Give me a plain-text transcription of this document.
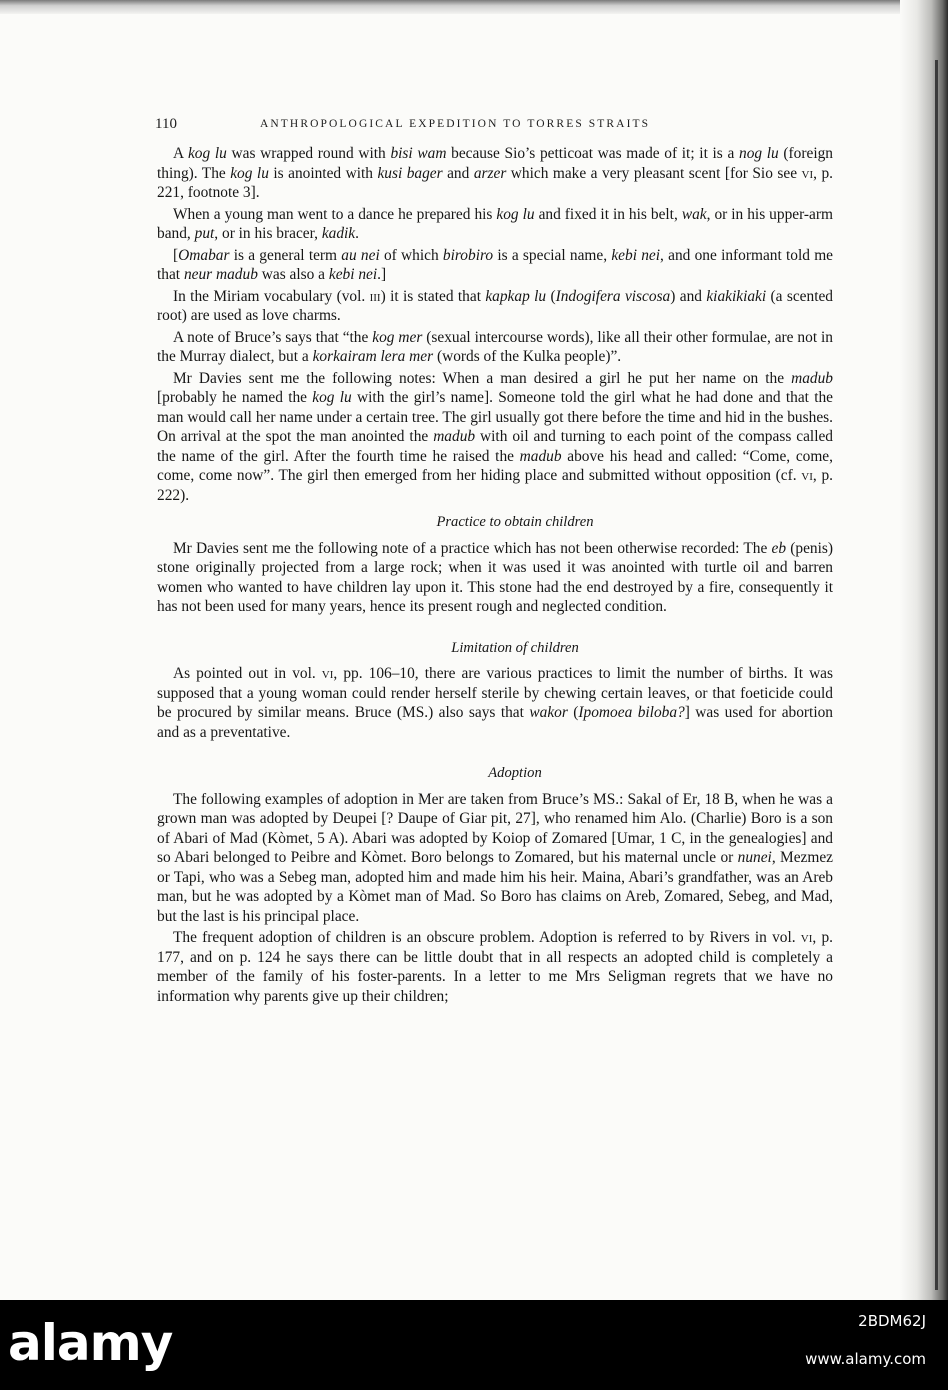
110	ANTHROPOLOGICAL EXPEDITION TO TORRES STRAITS

A kog lu was wrapped round with bisi wam because Sio’s petticoat was made of it; it is a nog lu (foreign thing). The kog lu is anointed with kusi bager and arzer which make a very pleasant scent [for Sio see vi, p. 221, footnote 3].

When a young man went to a dance he prepared his kog lu and fixed it in his belt, wak, or in his upper-arm band, put, or in his bracer, kadik.

[Omabar is a general term au nei of which birobiro is a special name, kebi nei, and one informant told me that neur madub was also a kebi nei.]

In the Miriam vocabulary (vol. iii) it is stated that kapkap lu (Indogifera viscosa) and kiakikiaki (a scented root) are used as love charms.

A note of Bruce’s says that “the kog mer (sexual intercourse words), like all their other formulae, are not in the Murray dialect, but a korkairam lera mer (words of the Kulka people)”.

Mr Davies sent me the following notes: When a man desired a girl he put her name on the madub [probably he named the kog lu with the girl’s name]. Someone told the girl what he had done and that the man would call her name under a certain tree. The girl usually got there before the time and hid in the bushes. On arrival at the spot the man anointed the madub with oil and turning to each point of the compass called the name of the girl. After the fourth time he raised the madub above his head and called: “Come, come, come, come now”. The girl then emerged from her hiding place and submitted without opposition (cf. vi, p. 222).

Practice to obtain children

Mr Davies sent me the following note of a practice which has not been otherwise recorded: The eb (penis) stone originally projected from a large rock; when it was used it was anointed with turtle oil and barren women who wanted to have children lay upon it. This stone had the end destroyed by a fire, consequently it has not been used for many years, hence its present rough and neglected condition.

Limitation of children

As pointed out in vol. vi, pp. 106–10, there are various practices to limit the number of births. It was supposed that a young woman could render herself sterile by chewing certain leaves, or that foeticide could be procured by similar means. Bruce (MS.) also says that wakor (Ipomoea biloba?] was used for abortion and as a preventative.

Adoption

The following examples of adoption in Mer are taken from Bruce’s MS.: Sakal of Er, 18 B, when he was a grown man was adopted by Deupei [? Daupe of Giar pit, 27], who renamed him Alo. (Charlie) Boro is a son of Abari of Mad (Kòmet, 5 A). Abari was adopted by Koiop of Zomared [Umar, 1 C, in the genealogies] and so Abari belonged to Peibre and Kòmet. Boro belongs to Zomared, but his maternal uncle or nunei, Mezmez or Tapi, who was a Sebeg man, adopted him and made him his heir. Maina, Abari’s grandfather, was an Areb man, but he was adopted by a Kòmet man of Mad. So Boro has claims on Areb, Zomared, Sebeg, and Mad, but the last is his principal place.

The frequent adoption of children is an obscure problem. Adoption is referred to by Rivers in vol. vi, p. 177, and on p. 124 he says there can be little doubt that in all respects an adopted child is completely a member of the family of his foster-parents. In a letter to me Mrs Seligman regrets that we have no information why parents give up their children;

alamy	2BDM62J
www.alamy.com
